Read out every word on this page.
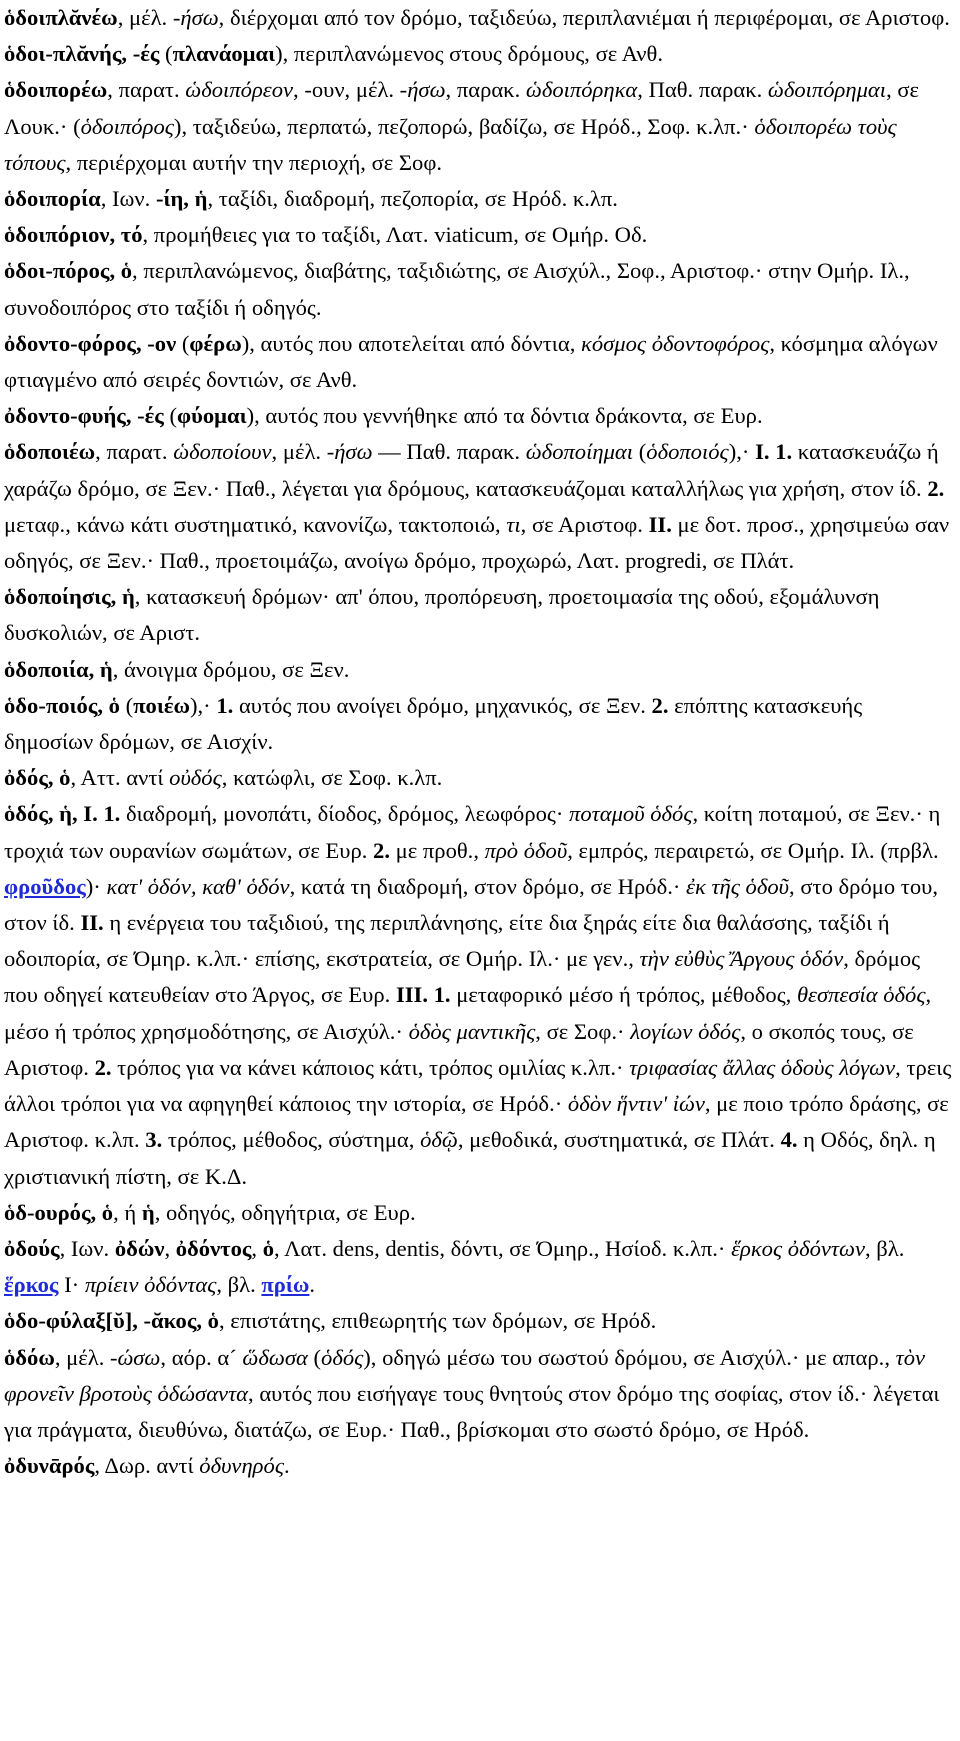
ὁδοιπλᾰνέω, μέλ. -ήσω, διέρχομαι από τον δρόμο, ταξιδεύω, περιπλανιέμαι ή περιφέρομαι, σε Αριστοφ.

ὁδοι-πλᾰνής, -ές (πλανάομαι), περιπλανώμενος στους δρόμους, σε Ανθ.

ὁδοιπορέω, παρατ. ὡδοιπόρεον, -ουν, μέλ. -ήσω, παρακ. ὡδοιπόρηκα, Παθ. παρακ. ὡδοιπόρημαι, σε Λουκ.· (ὁδοιπόρος), ταξιδεύω, περπατώ, πεζοπορώ, βαδίζω, σε Ηρόδ., Σοφ. κ.λπ.· ὁδοιπορέω τοὺς τόπους, περιέρχομαι αυτήν την περιοχή, σε Σοφ.

ὁδοιπορία, Ιων. -ίη, ἡ, ταξίδι, διαδρομή, πεζοπορία, σε Ηρόδ. κ.λπ.

ὁδοιπόριον, τό, προμήθειες για το ταξίδι, Λατ. viaticum, σε Ομήρ. Οδ.

ὁδοι-πόρος, ὁ, περιπλανώμενος, διαβάτης, ταξιδιώτης, σε Αισχύλ., Σοφ., Αριστοφ.· στην Ομήρ. Ιλ., συνοδοιπόρος στο ταξίδι ή οδηγός.

ὀδοντο-φόρος, -ον (φέρω), αυτός που αποτελείται από δόντια, κόσμος ὀδοντοφόρος, κόσμημα αλόγων φτιαγμένο από σειρές δοντιών, σε Ανθ.

ὀδοντο-φυής, -ές (φύομαι), αυτός που γεννήθηκε από τα δόντια δράκοντα, σε Ευρ.

ὁδοποιέω, παρατ. ὡδοποίουν, μέλ. -ήσω — Παθ. παρακ. ὡδοποίημαι (ὁδοποιός),· I. 1. κατασκευάζω ή χαράζω δρόμο, σε Ξεν.· Παθ., λέγεται για δρόμους, κατασκευάζομαι καταλλήλως για χρήση, στον ίδ. 2. μεταφ., κάνω κάτι συστηματικό, κανονίζω, τακτοποιώ, τι, σε Αριστοφ. II. με δοτ. προσ., χρησιμεύω σαν οδηγός, σε Ξεν.· Παθ., προετοιμάζω, ανοίγω δρόμο, προχωρώ, Λατ. progredi, σε Πλάτ.

ὁδοποίησις, ἡ, κατασκευή δρόμων· απ' όπου, προπόρευση, προετοιμασία της οδού, εξομάλυνση δυσκολιών, σε Αριστ.

ὁδοποιία, ἡ, άνοιγμα δρόμου, σε Ξεν.

ὁδο-ποιός, ὁ (ποιέω),· 1. αυτός που ανοίγει δρόμο, μηχανικός, σε Ξεν. 2. επόπτης κατασκευής δημοσίων δρόμων, σε Αισχίν.

ὀδός, ὁ, Αττ. αντί οὐδός, κατώφλι, σε Σοφ. κ.λπ.

ὁδός, ἡ, I. 1. διαδρομή, μονοπάτι, δίοδος, δρόμος, λεωφόρος· ποταμοῦ ὁδός, κοίτη ποταμού, σε Ξεν.· η τροχιά των ουρανίων σωμάτων, σε Ευρ. 2. με προθ., πρὸ ὁδοῦ, εμπρός, περαιρετώ, σε Ομήρ. Ιλ. (πρβλ. φροῦδος)· κατ' ὁδόν, καθ' ὁδόν, κατά τη διαδρομή, στον δρόμο, σε Ηρόδ.· ἐκ τῆς ὁδοῦ, στο δρόμο του, στον ίδ. II. η ενέργεια του ταξιδιού, της περιπλάνησης, είτε δια ξηράς είτε δια θαλάσσης, ταξίδι ή οδοιπορία, σε Όμηρ. κ.λπ.· επίσης, εκστρατεία, σε Ομήρ. Ιλ.· με γεν., τὴν εὐθὺς Ἄργους ὁδόν, δρόμος που οδηγεί κατευθείαν στο Άργος, σε Ευρ. III. 1. μεταφορικό μέσο ή τρόπος, μέθοδος, θεσπεσία ὁδός, μέσο ή τρόπος χρησμοδότησης, σε Αισχύλ.· ὁδὸς μαντικῆς, σε Σοφ.· λογίων ὁδός, ο σκοπός τους, σε Αριστοφ. 2. τρόπος για να κάνει κάποιος κάτι, τρόπος ομιλίας κ.λπ.· τριφασίας ἄλλας ὁδοὺς λόγων, τρεις άλλοι τρόποι για να αφηγηθεί κάποιος την ιστορία, σε Ηρόδ.· ὁδὸν ἥντιν' ἰών, με ποιο τρόπο δράσης, σε Αριστοφ. κ.λπ. 3. τρόπος, μέθοδος, σύστημα, ὁδῷ, μεθοδικά, συστηματικά, σε Πλάτ. 4. η Οδός, δηλ. η χριστιανική πίστη, σε Κ.Δ.

ὁδ-ουρός, ὁ, ή ἡ, οδηγός, οδηγήτρια, σε Ευρ.

ὀδούς, Ιων. ὀδών, ὀδόντος, ὁ, Λατ. dens, dentis, δόντι, σε Όμηρ., Ησίοδ. κ.λπ.· ἕρκος ὀδόντων, βλ. ἕρκος I· πρίειν ὀδόντας, βλ. πρίω.

ὁδο-φύλαξ[ῠ], -ᾰκος, ὁ, επιστάτης, επιθεωρητής των δρόμων, σε Ηρόδ.

ὁδόω, μέλ. -ώσω, αόρ. α´ ὥδωσα (ὁδός), οδηγώ μέσω του σωστού δρόμου, σε Αισχύλ.· με απαρ., τὸν φρονεῖν βροτοὺς ὁδώσαντα, αυτός που εισήγαγε τους θνητούς στον δρόμο της σοφίας, στον ίδ.· λέγεται για πράγματα, διευθύνω, διατάζω, σε Ευρ.· Παθ., βρίσκομαι στο σωστό δρόμο, σε Ηρόδ.

ὀδυνᾱρός, Δωρ. αντί ὀδυνηρός.
